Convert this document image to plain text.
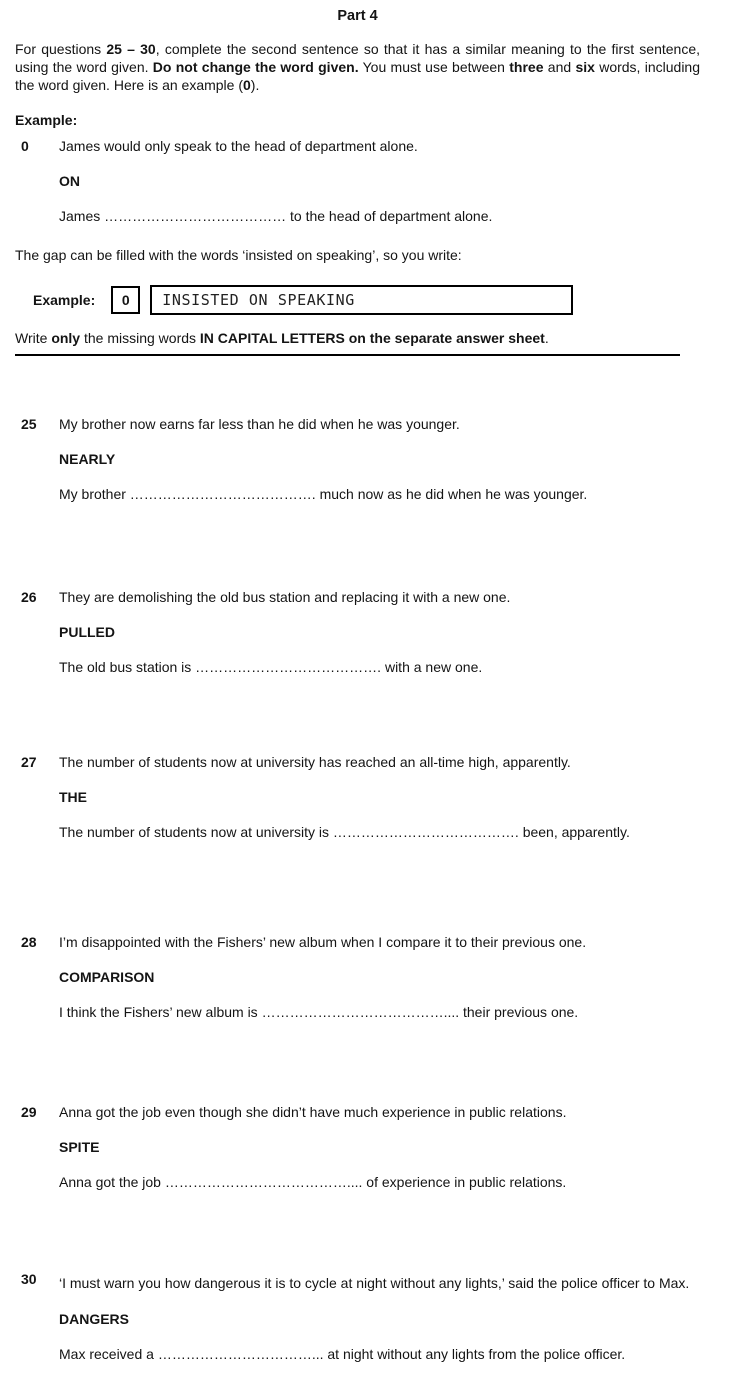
Part 4

For questions 25 – 30, complete the second sentence so that it has a similar meaning to the first sentence, using the word given. Do not change the word given. You must use between three and six words, including the word given. Here is an example (0).

Example:
0	James would only speak to the head of department alone.
ON
James ………………………………… to the head of department alone.

The gap can be filled with the words ‘insisted on speaking’, so you write:

Example:	0	INSISTED ON SPEAKING

Write only the missing words IN CAPITAL LETTERS on the separate answer sheet.

25	My brother now earns far less than he did when he was younger.
NEARLY
My brother …………………………………. much now as he did when he was younger.
26	They are demolishing the old bus station and replacing it with a new one.
PULLED
The old bus station is …………………………………. with a new one.
27	The number of students now at university has reached an all-time high, apparently.
THE
The number of students now at university is …………………………………. been, apparently.
28	I’m disappointed with the Fishers’ new album when I compare it to their previous one.
COMPARISON
I think the Fishers’ new album is ………………………………….... their previous one.
29	Anna got the job even though she didn’t have much experience in public relations.
SPITE
Anna got the job ………………………………….... of experience in public relations.
30	‘I must warn you how dangerous it is to cycle at night without any lights,’ said the police officer to Max.
DANGERS
Max received a ……………………………... at night without any lights from the police officer.
